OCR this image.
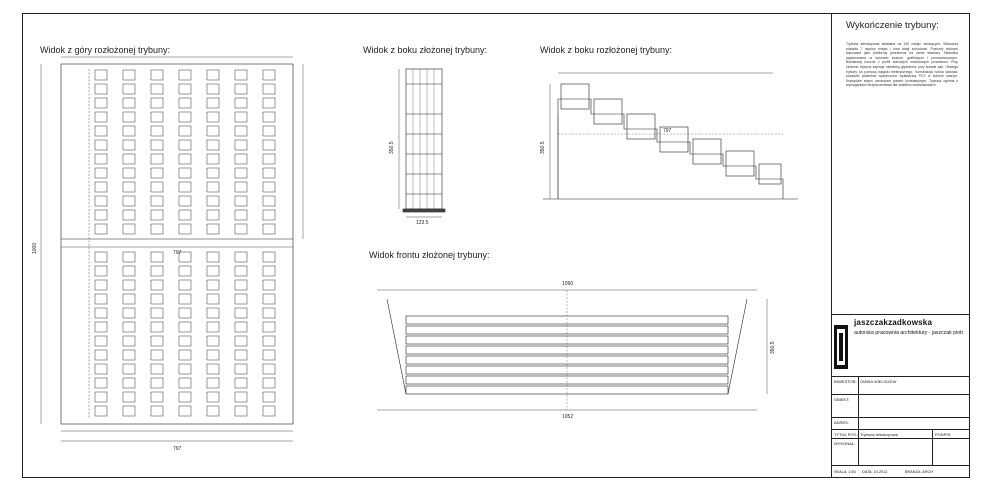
Widok z góry rozłożonej trybuny:	Widok z boku złożonej trybuny:	Widok z boku rozłożonej trybuny:
Widok frontu złożonej trybuny:
1000	797
797
350.5
123.5
797
350.5
1090
1052
350.5
Wykończenie trybuny:
Trybuna teleskopowa składana na 140 miejsc siedzących. Widownia posiada 7 rzędów miejsc i dwa biegi schodowe. Poziomy widowni wykonane jako platformy przesuwne na ramie stalowej. Siedziska tapicerowane w kolorach szarym, grafitowym i pomarańczowym. Balustrady boczne z profili stalowych malowanych proszkowo. Przy złożeniu trybuna zajmuje niewielką głębokość przy ścianie sali. Obsługa trybuny za pomocą napędu elektrycznego. Konstrukcja nośna stalowa, posadzki podestów wykończone wykładziną PCV w kolorze szarym. Krawędzie stopni oznaczone pasem kontrastowym. Trybuna zgodna z wymaganiami bezpieczeństwa dla obiektów widowiskowych.
jaszczakzadkowska
autorska pracownia architektury - jaszczak piotr
INWESTOR: GMINA WIELISZEW
OBIEKT:
ADRES:
TYTUŁ RYS.: Trybuna teleskopowa	PODPIS:
WYKONAŁ:
SKALA: 1:50 DATA: 10.2012	BRANŻA: ARCH
